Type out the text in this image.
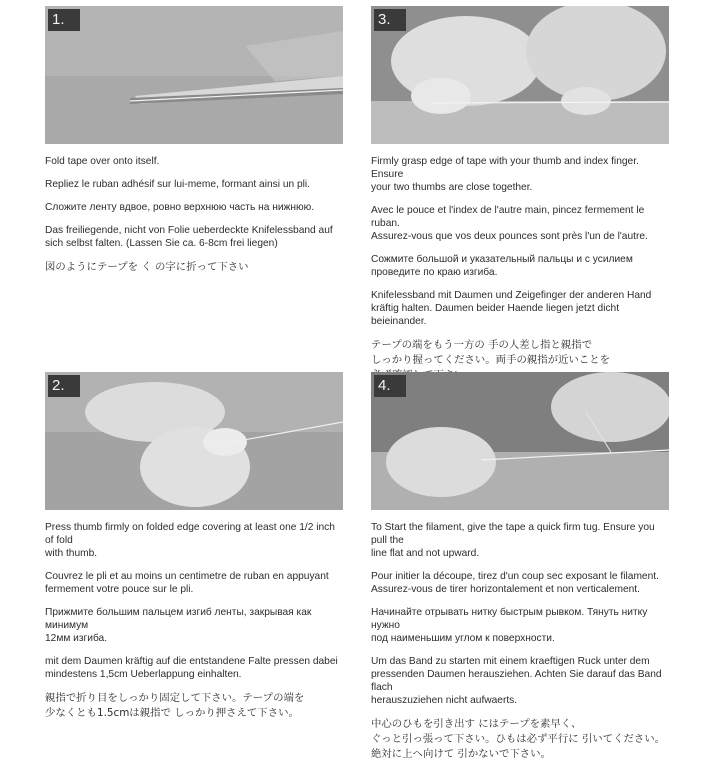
1.

Fold tape over onto itself.

Repliez le ruban adhésif sur lui-meme, formant ainsi un pli.

Сложите ленту вдвое, ровно верхнюю часть на нижнюю.

Das freiliegende, nicht von Folie ueberdeckte Knifelessband auf
sich selbst falten. (Lassen Sie ca. 6-8cm frei liegen)

図のようにテープを く の字に折って下さい

3.

Firmly grasp edge of tape with your thumb and index finger. Ensure
your two thumbs are close together.

Avec le pouce et l'index de l'autre main, pincez fermement le ruban.
Assurez-vous que vos deux pounces sont près l'un de l'autre.

Сожмите большой и указательный пальцы и с усилием
проведите по краю изгиба.

Knifelessband mit Daumen und Zeigefinger der anderen Hand
kräftig halten. Daumen beider Haende liegen jetzt dicht beieinander.

テープの端をもう一方の 手の人差し指と親指で
しっかり握ってください。両手の親指が近いことを

2.

Press thumb firmly on folded edge covering at least one 1/2 inch of fold
with thumb.

Couvrez le pli et au moins un centimetre de ruban en appuyant
fermement votre pouce sur le pli.

Прижмите большим пальцем изгиб ленты, закрывая как минимум
12мм изгиба.

mit dem Daumen kräftig auf die entstandene Falte pressen dabei
mindestens 1,5cm Ueberlappung einhalten.

親指で折り目をしっかり固定して下さい。テープの端を
少なくとも1.5cmは親指で しっかり押さえて下さい。

4.

To Start the filament, give the tape a quick firm tug. Ensure you pull the
line flat and not upward.

Pour initier la découpe, tirez d'un coup sec exposant le filament.
Assurez-vous de tirer horizontalement et non verticalement.

Начинайте отрывать нитку быстрым рывком. Тянуть нитку нужно
под наименьшим углом к поверхности.

Um das Band zu starten mit einem kraeftigen Ruck unter dem
pressenden Daumen herausziehen. Achten Sie darauf das Band flach
herauszuziehen nicht aufwaerts.

中心のひもを引き出す にはテープを素早く、
ぐっと引っ張って下さい。ひもは必ず平行に 引いてください。
絶対に上へ向けて 引かないで下さい。
